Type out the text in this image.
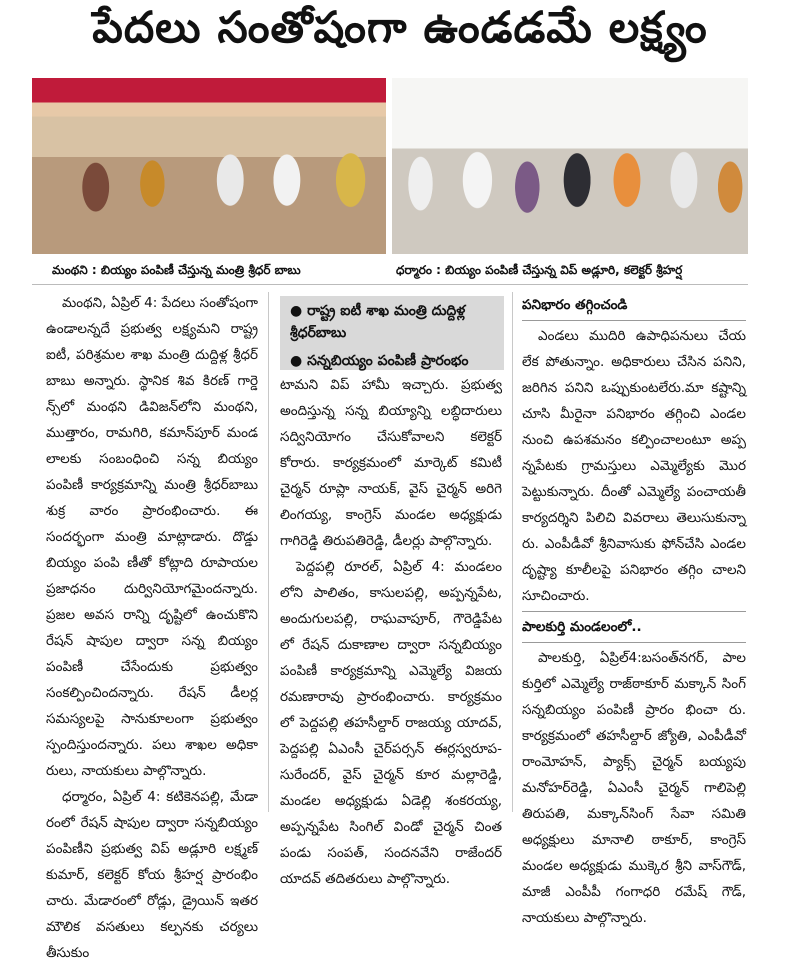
పేదలు సంతోషంగా ఉండడమే లక్ష్యం
మంథని : బియ్యం పంపిణీ చేస్తున్న మంత్రి శ్రీధర్ బాబు	ధర్మారం : బియ్యం పంపిణీ చేస్తున్న విప్ అడ్లూరి, కలెక్టర్ శ్రీహర్ష

మంథని, ఏప్రిల్ 4: పేదలు సంతోషంగా ఉండాలన్నదే ప్రభుత్వ లక్ష్యమని రాష్ట్ర ఐటీ, పరిశ్రమల శాఖ మంత్రి దుద్దిళ్ల శ్రీధర్ బాబు అన్నారు. స్థానిక శివ కిరణ్ గార్డె న్స్‌లో మంథని డివిజన్‌లోని మంథని, ముత్తారం, రామగిరి, కమాన్‌పూర్ మండ లాలకు సంబంధించి సన్న బియ్యం పంపిణీ కార్యక్రమాన్ని మంత్రి శ్రీధర్‌బాబు శుక్ర వారం ప్రారంభించారు. ఈ సందర్భంగా మంత్రి మాట్లాడారు. దొడ్డు బియ్యం పంపి ణీతో కోట్లాది రూపాయల ప్రజాధనం దుర్వినియోగమైందన్నారు. ప్రజల అవస రాన్ని దృష్టిలో ఉంచుకొని రేషన్ షాపుల ద్వారా సన్న బియ్యం పంపిణీ చేసేందుకు ప్రభుత్వం సంకల్పించిందన్నారు. రేషన్ డీలర్ల సమస్యలపై సానుకూలంగా ప్రభుత్వం స్పందిస్తుందన్నారు. పలు శాఖల అధికా రులు, నాయకులు పాల్గొన్నారు.

ధర్మారం, ఏప్రిల్ 4: కటికెనపల్లి, మేడా రంలో రేషన్ షాపుల ద్వారా సన్నబియ్యం పంపిణీని ప్రభుత్వ విప్ అడ్లూరి లక్ష్మణ్ కుమార్, కలెక్టర్ కోయ శ్రీహర్ష ప్రారంభిం చారు. మేడారంలో రోడ్లు, డ్రైయిన్ ఇతర మౌలిక వసతులు కల్పనకు చర్యలు తీసుకుం

● రాష్ట్ర ఐటీ శాఖ మంత్రి దుద్దిళ్ల శ్రీధర్‌బాబు
● సన్నబియ్యం పంపిణీ ప్రారంభం

టామని విప్ హామీ ఇచ్చారు. ప్రభుత్వ అందిస్తున్న సన్న బియ్యాన్ని లబ్ధిదారులు సద్వినియోగం చేసుకోవాలని కలెక్టర్ కోరారు. కార్యక్రమంలో మార్కెట్ కమిటీ చైర్మన్ రూప్లా నాయక్, వైస్ చైర్మన్ అరిగె లింగయ్య, కాంగ్రెస్ మండల అధ్యక్షుడు గాగిరెడ్డి తిరుపతిరెడ్డి, డీలర్లు పాల్గొన్నారు.

పెద్దపల్లి రూరల్, ఏప్రిల్ 4: మండలం లోని పాలితం, కాసులపల్లి, అప్పన్నపేట, అందుగులపల్లి, రాఘవాపూర్, గౌరెడ్డిపేట లో రేషన్ దుకాణాల ద్వారా సన్నబియ్యం పంపిణీ కార్యక్రమాన్ని ఎమ్మెల్యే విజయ రమణారావు ప్రారంభించారు. కార్యక్రమం లో పెద్దపల్లి తహసీల్దార్ రాజయ్య యాదవ్, పెద్దపల్లి ఏఎంసీ చైర్‌పర్సన్ ఈర్లస్వరూప- సురేందర్, వైస్ చైర్మన్ కూర మల్లారెడ్డి, మండల అధ్యక్షుడు ఏడెల్లి శంకరయ్య, అప్పన్నపేట సింగిల్ విండో చైర్మన్ చింత పండు సంపత్, సందనవేని రాజేందర్ యాదవ్ తదితరులు పాల్గొన్నారు.

పనిభారం తగ్గించండి

ఎండలు ముదిరి ఉపాధిపనులు చేయ లేక పోతున్నాం. అధికారులు చేసిన పనిని, జరిగిన పనిని ఒప్పుకుంటలేరు.మా కష్టాన్ని చూసి మీరైనా పనిభారం తగ్గించి ఎండల నుంచి ఉపశమనం కల్పించాలంటూ అప్ప న్నపేటకు గ్రామస్తులు ఎమ్మెల్యేకు మొర పెట్టుకున్నారు. దీంతో ఎమ్మెల్యే పంచాయతీ కార్యదర్శిని పిలిచి వివరాలు తెలుసుకున్నా రు. ఎంపీడీవో శ్రీనివాసుకు ఫోన్‌చేసి ఎండల దృష్ట్యా కూలీలపై పనిభారం తగ్గిం చాలని సూచించారు.

పాలకుర్తి మండలంలో..

పాలకుర్తి, ఏప్రిల్4:బసంత్‌నగర్, పాల కుర్తిలో ఎమ్మెల్యే రాజ్‌ఠాకూర్ మక్కాన్ సింగ్ సన్నబియ్యం పంపిణీ ప్రారం భించా రు. కార్యక్రమంలో తహసీల్దార్ జ్యోతి, ఎంపీడీవో రాంమోహన్, ప్యాక్స్ చైర్మన్ బయ్యపు మనోహర్‌రెడ్డి, ఏఎంసీ చైర్మన్ గాలిపెల్లి తిరుపతి, మక్కాన్‌సింగ్ సేవా సమితి అధ్యక్షులు మానాలి ఠాకూర్, కాంగ్రెస్ మండల అధ్యక్షుడు ముక్కెర శ్రీని వాస్‌గౌడ్, మాజీ ఎంపీపీ గంగాధరి రమేష్ గౌడ్, నాయకులు పాల్గొన్నారు.
